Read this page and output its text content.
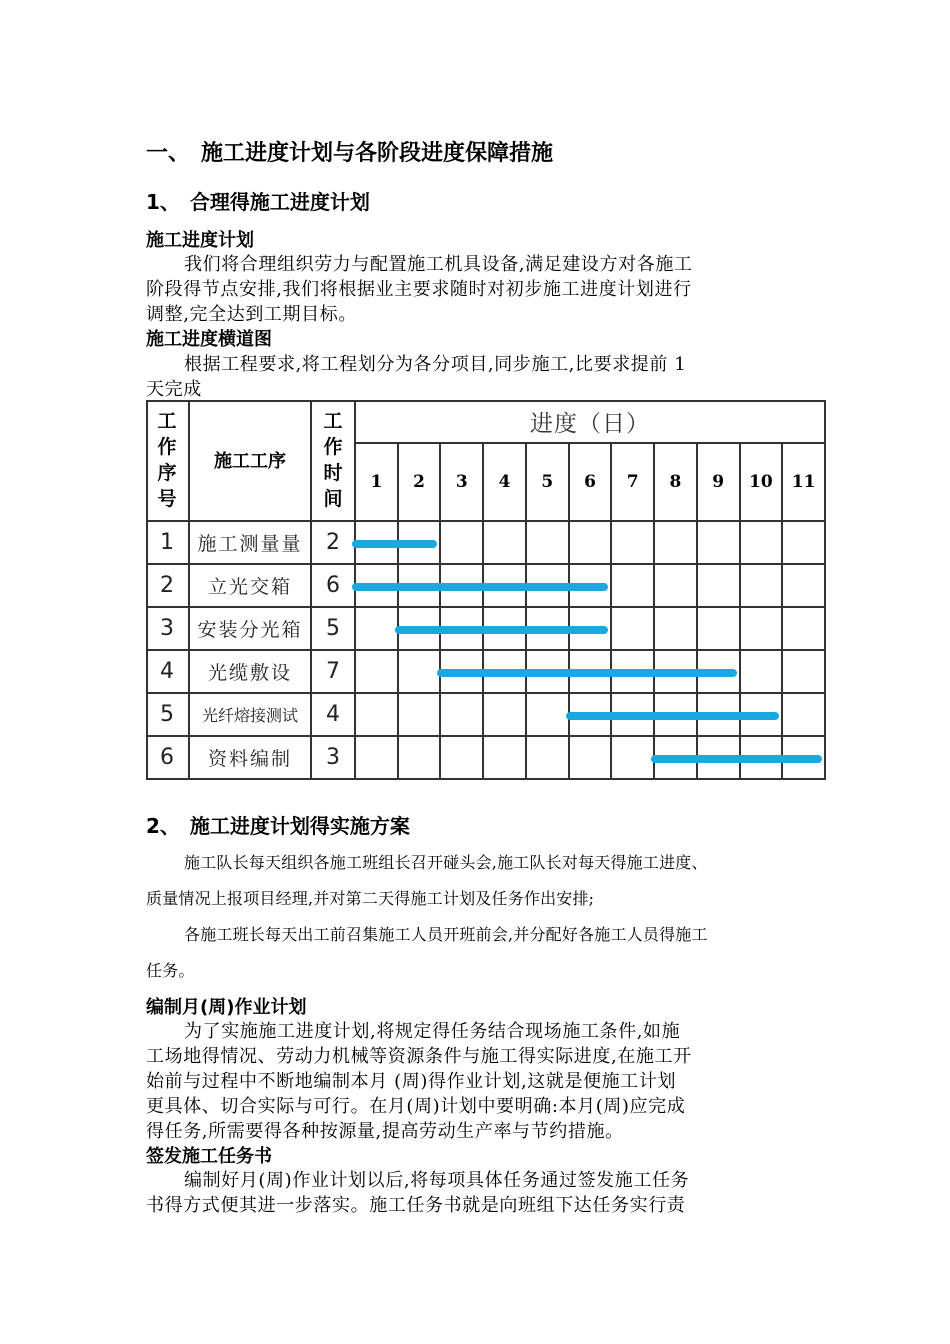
一、　施工进度计划与各阶段进度保障措施
1、　合理得施工进度计划
施工进度计划
我们将合理组织劳力与配置施工机具设备,满足建设方对各施工
阶段得节点安排,我们将根据业主要求随时对初步施工进度计划进行
调整,完全达到工期目标。
施工进度横道图
根据工程要求,将工程划分为各分项目,同步施工,比要求提前 1
天完成
工作序号
施工工序
工作时间
进度（日）
1 2 3 4 5 6 7 8 9 10 11
1 施工测量量 2
2 立光交箱 6
3 安装分光箱 5
4 光缆敷设 7
5 光纤熔接测试 4
6 资料编制 3
2、　施工进度计划得实施方案
施工队长每天组织各施工班组长召开碰头会,施工队长对每天得施工进度、
质量情况上报项目经理,并对第二天得施工计划及任务作出安排;
各施工班长每天出工前召集施工人员开班前会,并分配好各施工人员得施工
任务。
编制月(周)作业计划
为了实施施工进度计划,将规定得任务结合现场施工条件,如施
工场地得情况、劳动力机械等资源条件与施工得实际进度,在施工开
始前与过程中不断地编制本月 (周)得作业计划,这就是便施工计划
更具体、切合实际与可行。在月(周)计划中要明确:本月(周)应完成
得任务,所需要得各种按源量,提高劳动生产率与节约措施。
签发施工任务书
编制好月(周)作业计划以后,将每项具体任务通过签发施工任务
书得方式便其进一步落实。施工任务书就是向班组下达任务实行责
